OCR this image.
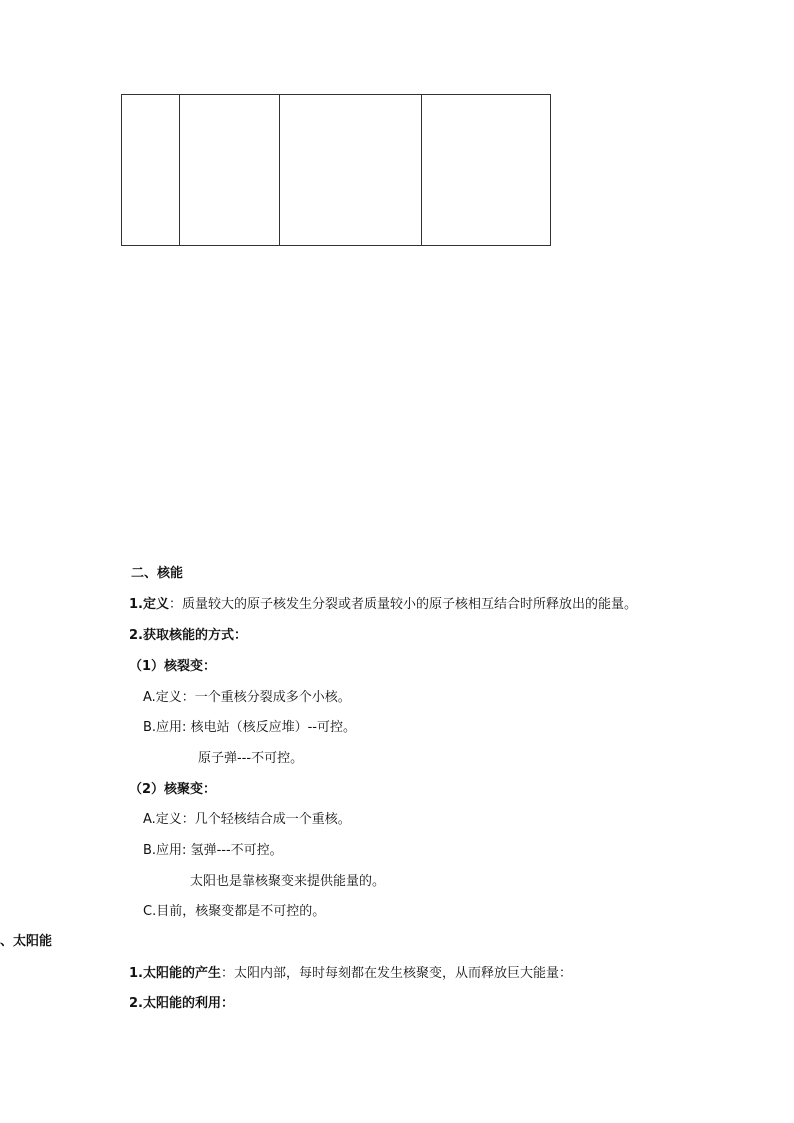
二、核能
1.定义：质量较大的原子核发生分裂或者质量较小的原子核相互结合时所释放出的能量。
2.获取核能的方式：
（1）核裂变：
A.定义：一个重核分裂成多个小核。
B.应用: 核电站（核反应堆）--可控。
原子弹---不可控。
（2）核聚变：
A.定义：几个轻核结合成一个重核。
B.应用: 氢弹---不可控。
太阳也是靠核聚变来提供能量的。
C.目前，核聚变都是不可控的。
、太阳能
1.太阳能的产生：太阳内部，每时每刻都在发生核聚变，从而释放巨大能量：
2.太阳能的利用：
